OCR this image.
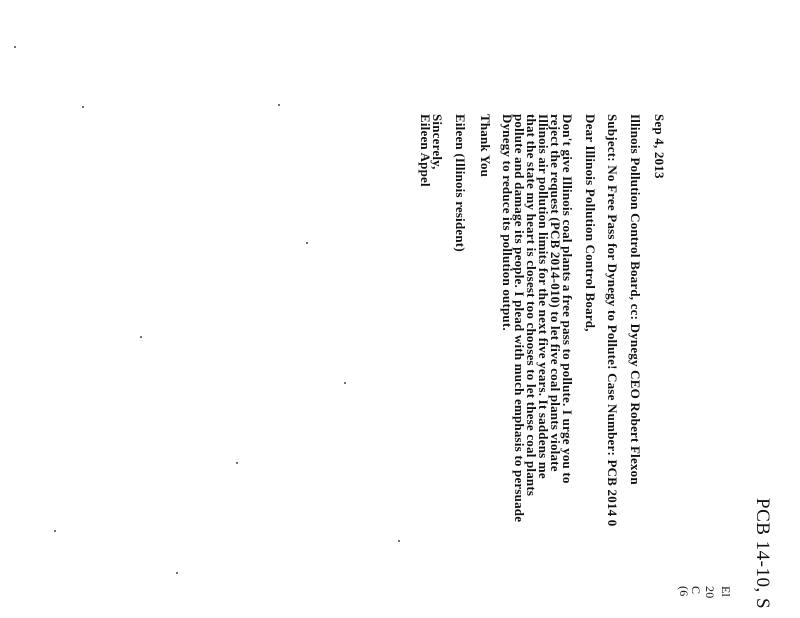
PCB 14-10, S
El
20
C
(6
Sep 4, 2013
Illinois Pollution Control Board, cc: Dynegy CEO Robert Flexon
Subject: No Free Pass for Dynegy to Pollute! Case Number: PCB 2014 0
Dear Illinois Pollution Control Board,
Don't give Illinois coal plants a free pass to pollute. I urge you to
reject the request (PCB 2014-010) to let five coal plants violate
Illinois air pollution limits for the next five years. It saddens me
that the state my heart is closest too chooses to let these coal plants
pollute and damage its people. I plead with much emphasis to persuade
Dynegy to reduce its pollution output.
Thank You
Eileen (Illinois resident)
Sincerely,
Eileen Appel
